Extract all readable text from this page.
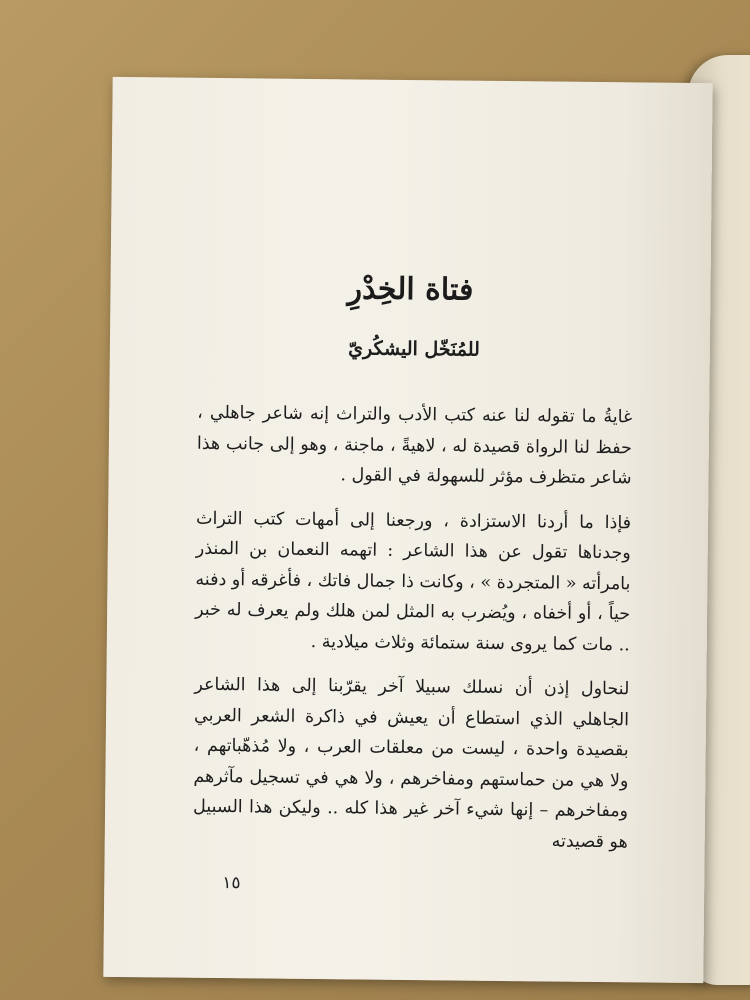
فتاة الخِدْرِ

للمُنَخّل اليشكُريّ

غايةُ ما تقوله لنا عنه كتب الأدب والتراث إنه شاعر جاهلي ، حفظ لنا الرواة قصيدة له ، لاهيةً ، ماجنة ، وهو إلى جانب هذا شاعر متظرف مؤثر للسهولة في القول .

فإذا ما أردنا الاستزادة ، ورجعنا إلى أمهات كتب التراث وجدناها تقول عن هذا الشاعر : اتهمه النعمان بن المنذر بامرأته « المتجردة » ، وكانت ذا جمال فاتك ، فأغرقه أو دفنه حياً ، أو أخفاه ، ويُضرب به المثل لمن هلك ولم يعرف له خبر .. مات كما يروى سنة ستمائة وثلاث ميلادية .

لنحاول إذن أن نسلك سبيلا آخر يقرّبنا إلى هذا الشاعر الجاهلي الذي استطاع أن يعيش في ذاكرة الشعر العربي بقصيدة واحدة ، ليست من معلقات العرب ، ولا مُذهّباتهم ، ولا هي من حماستهم ومفاخرهم ، ولا هي في تسجيل مآثرهم ومفاخرهم – إنها شيء آخر غير هذا كله .. وليكن هذا السبيل هو قصيدته

١٥
